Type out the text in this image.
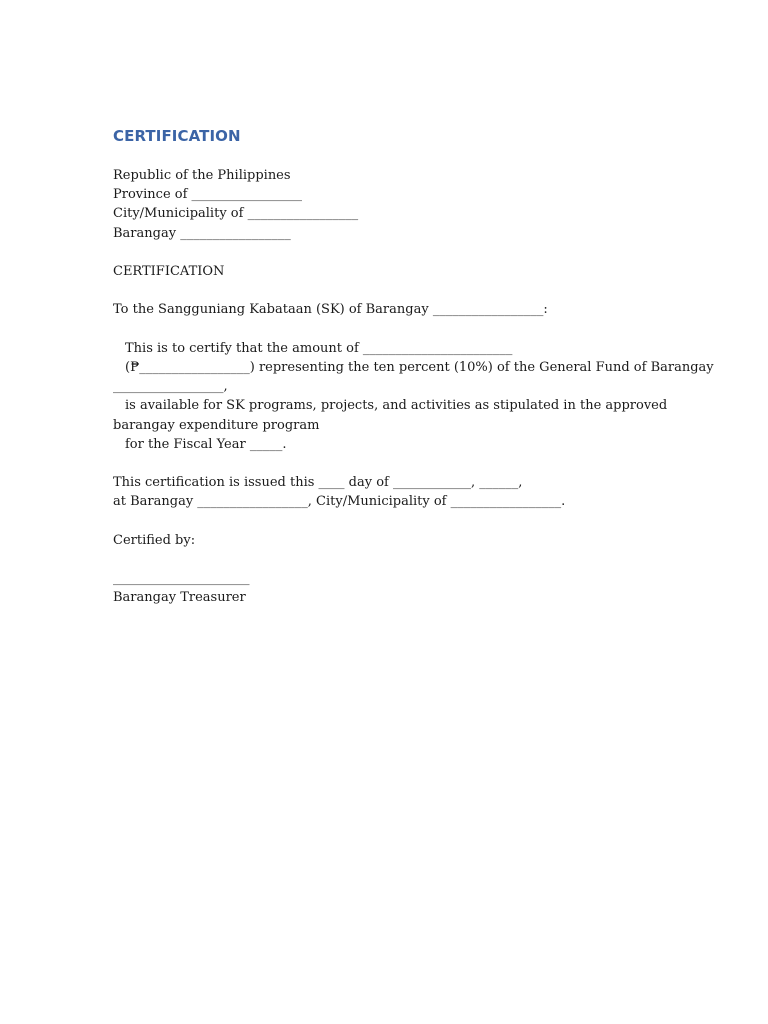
CERTIFICATION
Republic of the Philippines
Province of _________________
City/Municipality of _________________
Barangay _________________
CERTIFICATION
To the Sangguniang Kabataan (SK) of Barangay _________________:
This is to certify that the amount of _______________________
(₱_________________) representing the ten percent (10%) of the General Fund of Barangay
_________________,
is available for SK programs, projects, and activities as stipulated in the approved
barangay expenditure program
for the Fiscal Year _____.
This certification is issued this ____ day of ____________, ______,
at Barangay _________________, City/Municipality of _________________.
Certified by:
_____________________
Barangay Treasurer
